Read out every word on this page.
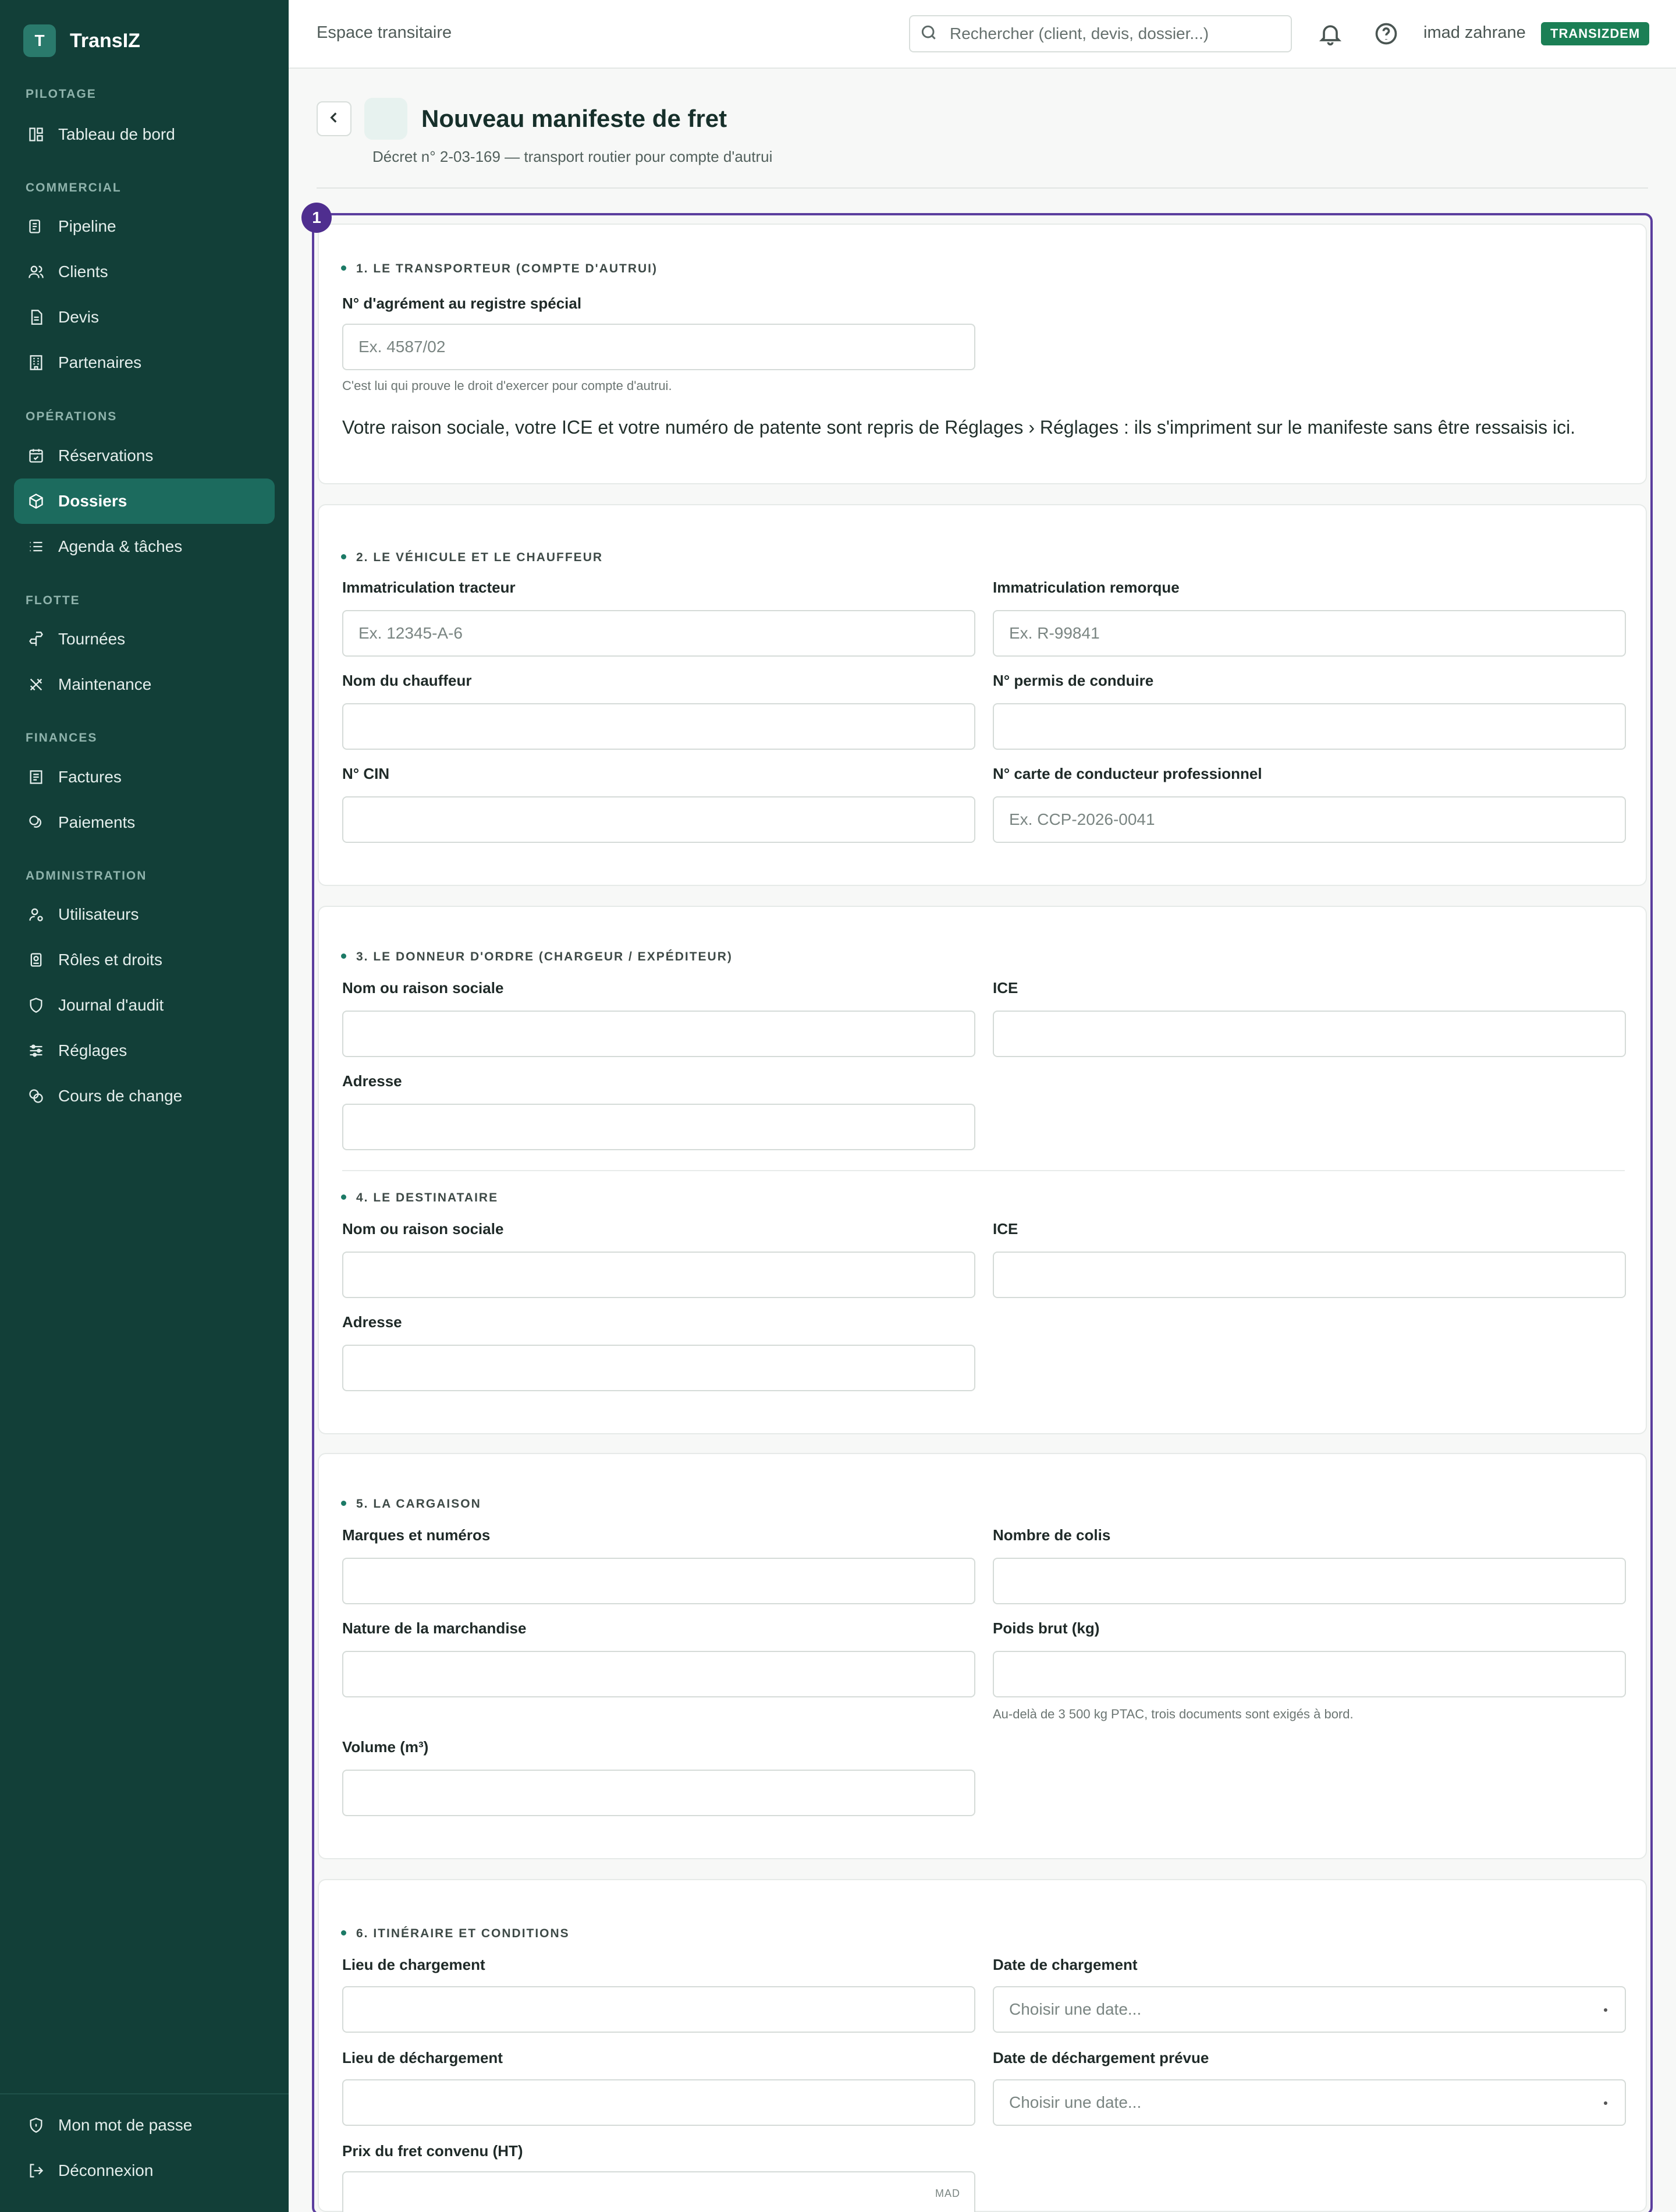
T	TransIZ
PILOTAGE
Tableau de bord
COMMERCIAL
Pipeline
Clients
Devis
Partenaires
OPÉRATIONS
Réservations
Dossiers
Agenda & tâches
FLOTTE
Tournées
Maintenance
FINANCES
Factures
Paiements
ADMINISTRATION
Utilisateurs
Rôles et droits
Journal d'audit
Réglages
Cours de change
Mon mot de passe
Déconnexion
Espace transitaire	Rechercher (client, devis, dossier...)	imad zahrane	TRANSIZDEM
Nouveau manifeste de fret
Décret n° 2-03-169 — transport routier pour compte d'autrui
1. LE TRANSPORTEUR (COMPTE D'AUTRUI)
N° d'agrément au registre spécial
Ex. 4587/02
C'est lui qui prouve le droit d'exercer pour compte d'autrui.
Votre raison sociale, votre ICE et votre numéro de patente sont repris de Réglages › Réglages : ils s'impriment sur le manifeste sans être ressaisis ici.
2. LE VÉHICULE ET LE CHAUFFEUR
Immatriculation tracteur
Ex. 12345-A-6
Immatriculation remorque
Ex. R-99841
Nom du chauffeur	N° permis de conduire
N° CIN	N° carte de conducteur professionnel
Ex. CCP-2026-0041
3. LE DONNEUR D'ORDRE (CHARGEUR / EXPÉDITEUR)
Nom ou raison sociale	ICE
Adresse
4. LE DESTINATAIRE
Nom ou raison sociale	ICE
Adresse
5. LA CARGAISON
Marques et numéros	Nombre de colis
Nature de la marchandise	Poids brut (kg)
Au-delà de 3 500 kg PTAC, trois documents sont exigés à bord.
Volume (m³)
6. ITINÉRAIRE ET CONDITIONS
Lieu de chargement	Date de chargement
Choisir une date...
Lieu de déchargement	Date de déchargement prévue
Choisir une date...
Prix du fret convenu (HT)
MAD
1
